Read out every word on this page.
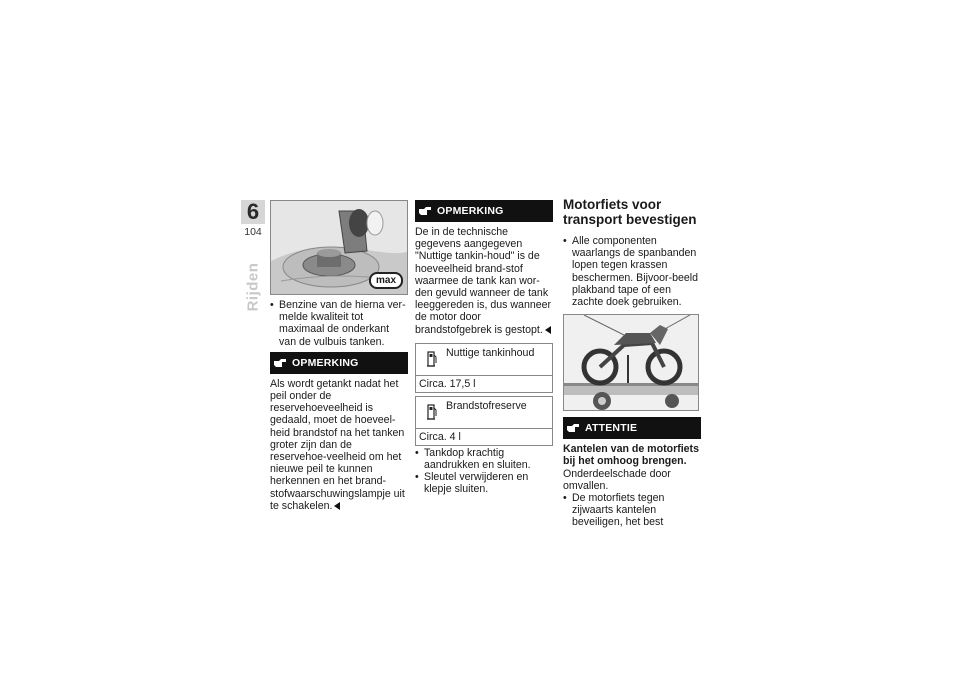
6
104
Rijden	max
• Benzine van de hierna ver-melde kwaliteit tot maximaal de onderkant van de vulbuis tanken.
OPMERKING

Als wordt getankt nadat het peil onder de reservehoeveelheid is gedaald, moet de hoeveel-heid brandstof na het tanken groter zijn dan de reservehoe-veelheid om het nieuwe peil te kunnen herkennen en het brand-stofwaarschuwingslampje uit te schakelen.

OPMERKING

De in de technische gegevens aangegeven "Nuttige tankin-houd" is de hoeveelheid brand-stof waarmee de tank kan wor-den gevuld wanneer de tank leeggereden is, dus wanneer de motor door brandstofgebrek is gestopt.

Nuttige tankinhoud
Circa. 17,5 l
Brandstofreserve
Circa. 4 l
• Tankdop krachtig aandrukken en sluiten.
• Sleutel verwijderen en klepje sluiten.
Motorfiets voor transport bevestigen
• Alle componenten waarlangs de spanbanden lopen tegen krassen beschermen. Bijvoor-beeld plakband tape of een zachte doek gebruiken.
ATTENTIE

Kantelen van de motorfiets bij het omhoog brengen.

Onderdeelschade door omvallen.

• De motorfiets tegen zijwaarts kantelen beveiligen, het best
